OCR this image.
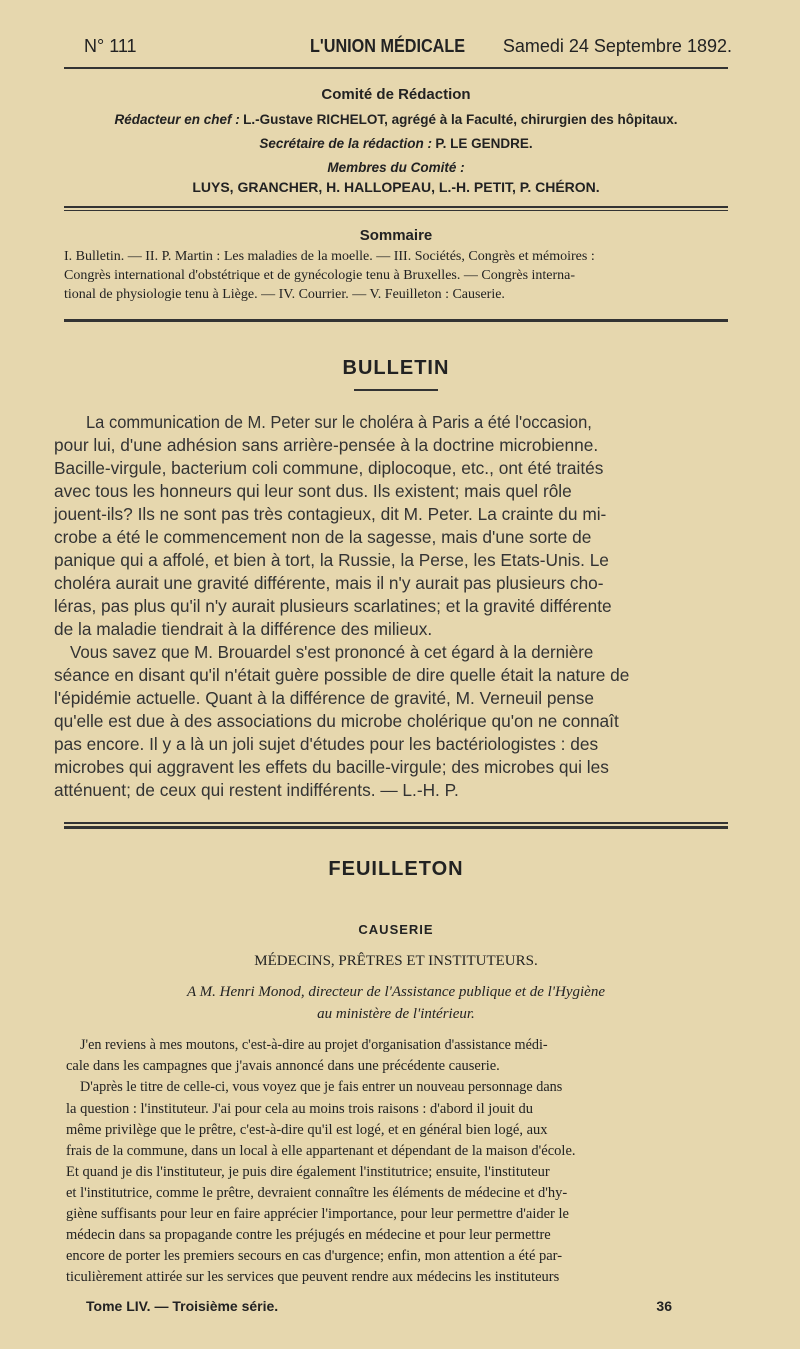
N° 111	L'UNION MÉDICALE Samedi 24 Septembre 1892.
Comité de Rédaction
Rédacteur en chef : L.-Gustave RICHELOT, agrégé à la Faculté, chirurgien des hôpitaux.
Secrétaire de la rédaction : P. LE GENDRE.
Membres du Comité :
LUYS, GRANCHER, H. HALLOPEAU, L.-H. PETIT, P. CHÉRON.
Sommaire
I. Bulletin. — II. P. Martin : Les maladies de la moelle. — III. Sociétés, Congrès et mémoires :
Congrès international d'obstétrique et de gynécologie tenu à Bruxelles. — Congrès interna-
tional de physiologie tenu à Liège. — IV. Courrier. — V. Feuilleton : Causerie.
BULLETIN
La communication de M. Peter sur le choléra à Paris a été l'occasion,
pour lui, d'une adhésion sans arrière-pensée à la doctrine microbienne.
Bacille-virgule, bacterium coli commune, diplocoque, etc., ont été traités
avec tous les honneurs qui leur sont dus. Ils existent; mais quel rôle
jouent-ils? Ils ne sont pas très contagieux, dit M. Peter. La crainte du mi-
crobe a été le commencement non de la sagesse, mais d'une sorte de
panique qui a affolé, et bien à tort, la Russie, la Perse, les Etats-Unis. Le
choléra aurait une gravité différente, mais il n'y aurait pas plusieurs cho-
léras, pas plus qu'il n'y aurait plusieurs scarlatines; et la gravité différente
de la maladie tiendrait à la différence des milieux.
Vous savez que M. Brouardel s'est prononcé à cet égard à la dernière
séance en disant qu'il n'était guère possible de dire quelle était la nature de
l'épidémie actuelle. Quant à la différence de gravité, M. Verneuil pense
qu'elle est due à des associations du microbe cholérique qu'on ne connaît
pas encore. Il y a là un joli sujet d'études pour les bactériologistes : des
microbes qui aggravent les effets du bacille-virgule; des microbes qui les
atténuent; de ceux qui restent indifférents. — L.-H. P.
FEUILLETON
CAUSERIE
MÉDECINS, PRÊTRES ET INSTITUTEURS.
A M. Henri Monod, directeur de l'Assistance publique et de l'Hygiène
au ministère de l'intérieur.
J'en reviens à mes moutons, c'est-à-dire au projet d'organisation d'assistance médi-
cale dans les campagnes que j'avais annoncé dans une précédente causerie.
D'après le titre de celle-ci, vous voyez que je fais entrer un nouveau personnage dans
la question : l'instituteur. J'ai pour cela au moins trois raisons : d'abord il jouit du
même privilège que le prêtre, c'est-à-dire qu'il est logé, et en général bien logé, aux
frais de la commune, dans un local à elle appartenant et dépendant de la maison d'école.
Et quand je dis l'instituteur, je puis dire également l'institutrice; ensuite, l'instituteur
et l'institutrice, comme le prêtre, devraient connaître les éléments de médecine et d'hy-
giène suffisants pour leur en faire apprécier l'importance, pour leur permettre d'aider le
médecin dans sa propagande contre les préjugés en médecine et pour leur permettre
encore de porter les premiers secours en cas d'urgence; enfin, mon attention a été par-
ticulièrement attirée sur les services que peuvent rendre aux médecins les instituteurs
Tome LIV. — Troisième série.	36
